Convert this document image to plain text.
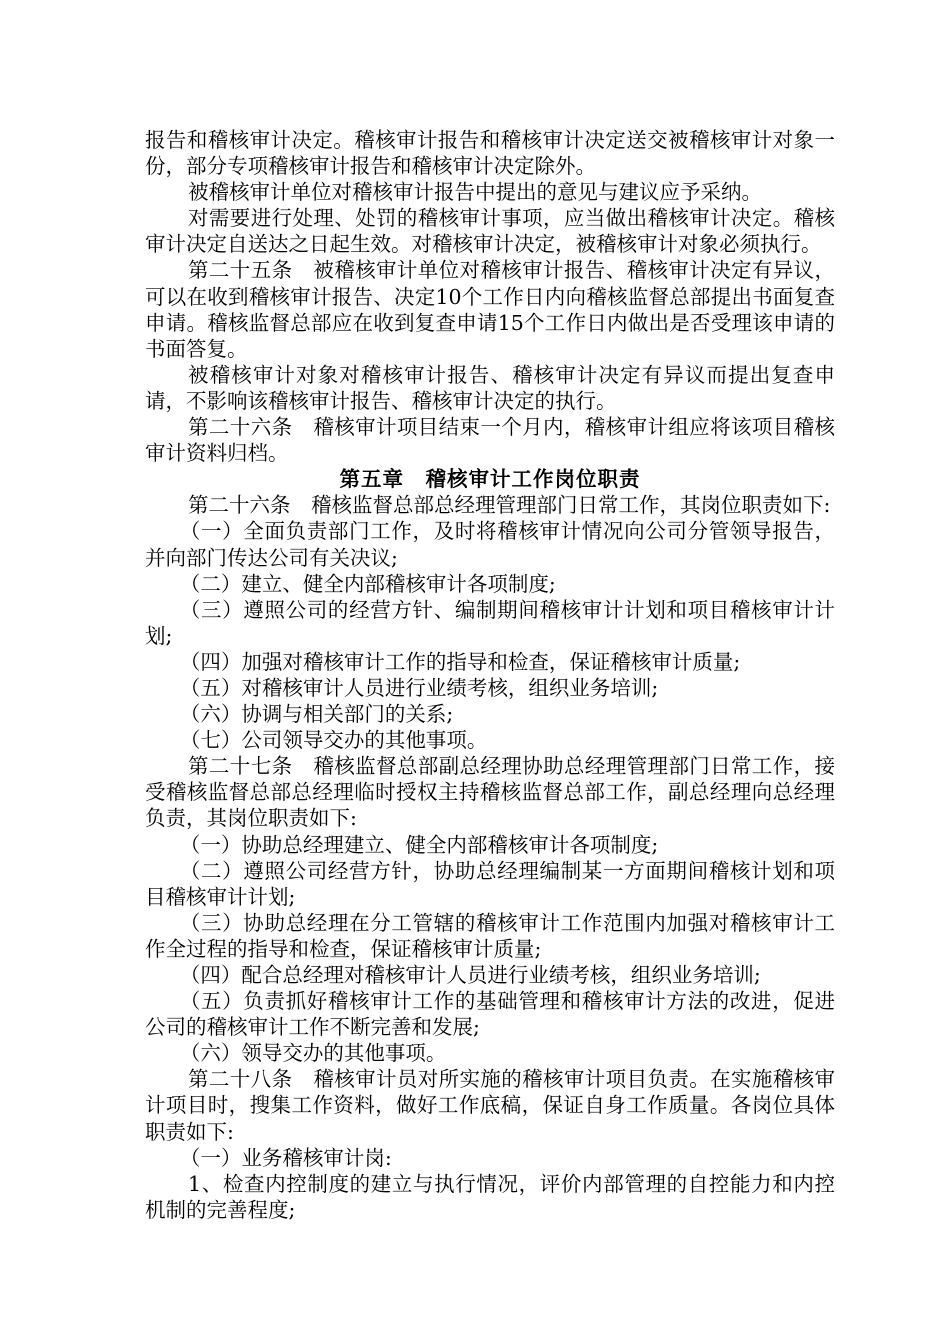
报告和稽核审计决定。稽核审计报告和稽核审计决定送交被稽核审计对象一份，部分专项稽核审计报告和稽核审计决定除外。

被稽核审计单位对稽核审计报告中提出的意见与建议应予采纳。

对需要进行处理、处罚的稽核审计事项，应当做出稽核审计决定。稽核审计决定自送达之日起生效。对稽核审计决定，被稽核审计对象必须执行。

第二十五条　被稽核审计单位对稽核审计报告、稽核审计决定有异议，可以在收到稽核审计报告、决定10个工作日内向稽核监督总部提出书面复查申请。稽核监督总部应在收到复查申请15个工作日内做出是否受理该申请的书面答复。

被稽核审计对象对稽核审计报告、稽核审计决定有异议而提出复查申请，不影响该稽核审计报告、稽核审计决定的执行。

第二十六条　稽核审计项目结束一个月内，稽核审计组应将该项目稽核审计资料归档。

第五章　稽核审计工作岗位职责

第二十六条　稽核监督总部总经理管理部门日常工作，其岗位职责如下:

（一）全面负责部门工作，及时将稽核审计情况向公司分管领导报告，并向部门传达公司有关决议;

（二）建立、健全内部稽核审计各项制度;

（三）遵照公司的经营方针、编制期间稽核审计计划和项目稽核审计计划;

（四）加强对稽核审计工作的指导和检查，保证稽核审计质量;

（五）对稽核审计人员进行业绩考核，组织业务培训;

（六）协调与相关部门的关系;

（七）公司领导交办的其他事项。

第二十七条　稽核监督总部副总经理协助总经理管理部门日常工作，接受稽核监督总部总经理临时授权主持稽核监督总部工作，副总经理向总经理负责，其岗位职责如下:

（一）协助总经理建立、健全内部稽核审计各项制度;

（二）遵照公司经营方针，协助总经理编制某一方面期间稽核计划和项目稽核审计计划;

（三）协助总经理在分工管辖的稽核审计工作范围内加强对稽核审计工作全过程的指导和检查，保证稽核审计质量;

（四）配合总经理对稽核审计人员进行业绩考核，组织业务培训;

（五）负责抓好稽核审计工作的基础管理和稽核审计方法的改进，促进公司的稽核审计工作不断完善和发展;

（六）领导交办的其他事项。

第二十八条　稽核审计员对所实施的稽核审计项目负责。在实施稽核审计项目时，搜集工作资料，做好工作底稿，保证自身工作质量。各岗位具体职责如下:

（一）业务稽核审计岗:

1、检查内控制度的建立与执行情况，评价内部管理的自控能力和内控机制的完善程度;
